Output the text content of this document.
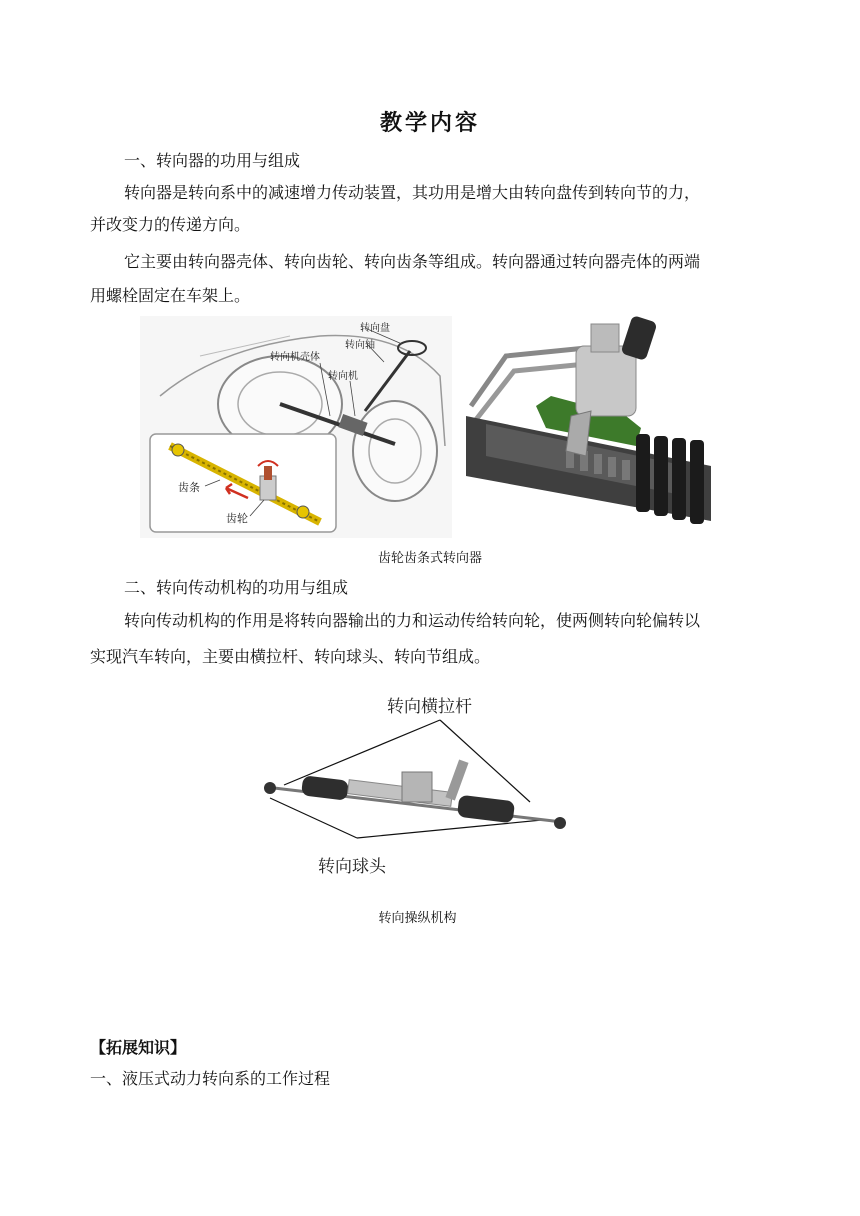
教学内容
一、转向器的功用与组成
转向器是转向系中的减速增力传动装置，其功用是增大由转向盘传到转向节的力，
并改变力的传递方向。
它主要由转向器壳体、转向齿轮、转向齿条等组成。转向器通过转向器壳体的两端
用螺栓固定在车架上。
转向盘
转向轴
转向机壳体
转向机
齿条
齿轮
齿轮齿条式转向器
二、转向传动机构的功用与组成
转向传动机构的作用是将转向器输出的力和运动传给转向轮，使两侧转向轮偏转以
实现汽车转向，主要由横拉杆、转向球头、转向节组成。
转向横拉杆
转向球头
转向操纵机构
【拓展知识】
一、液压式动力转向系的工作过程
